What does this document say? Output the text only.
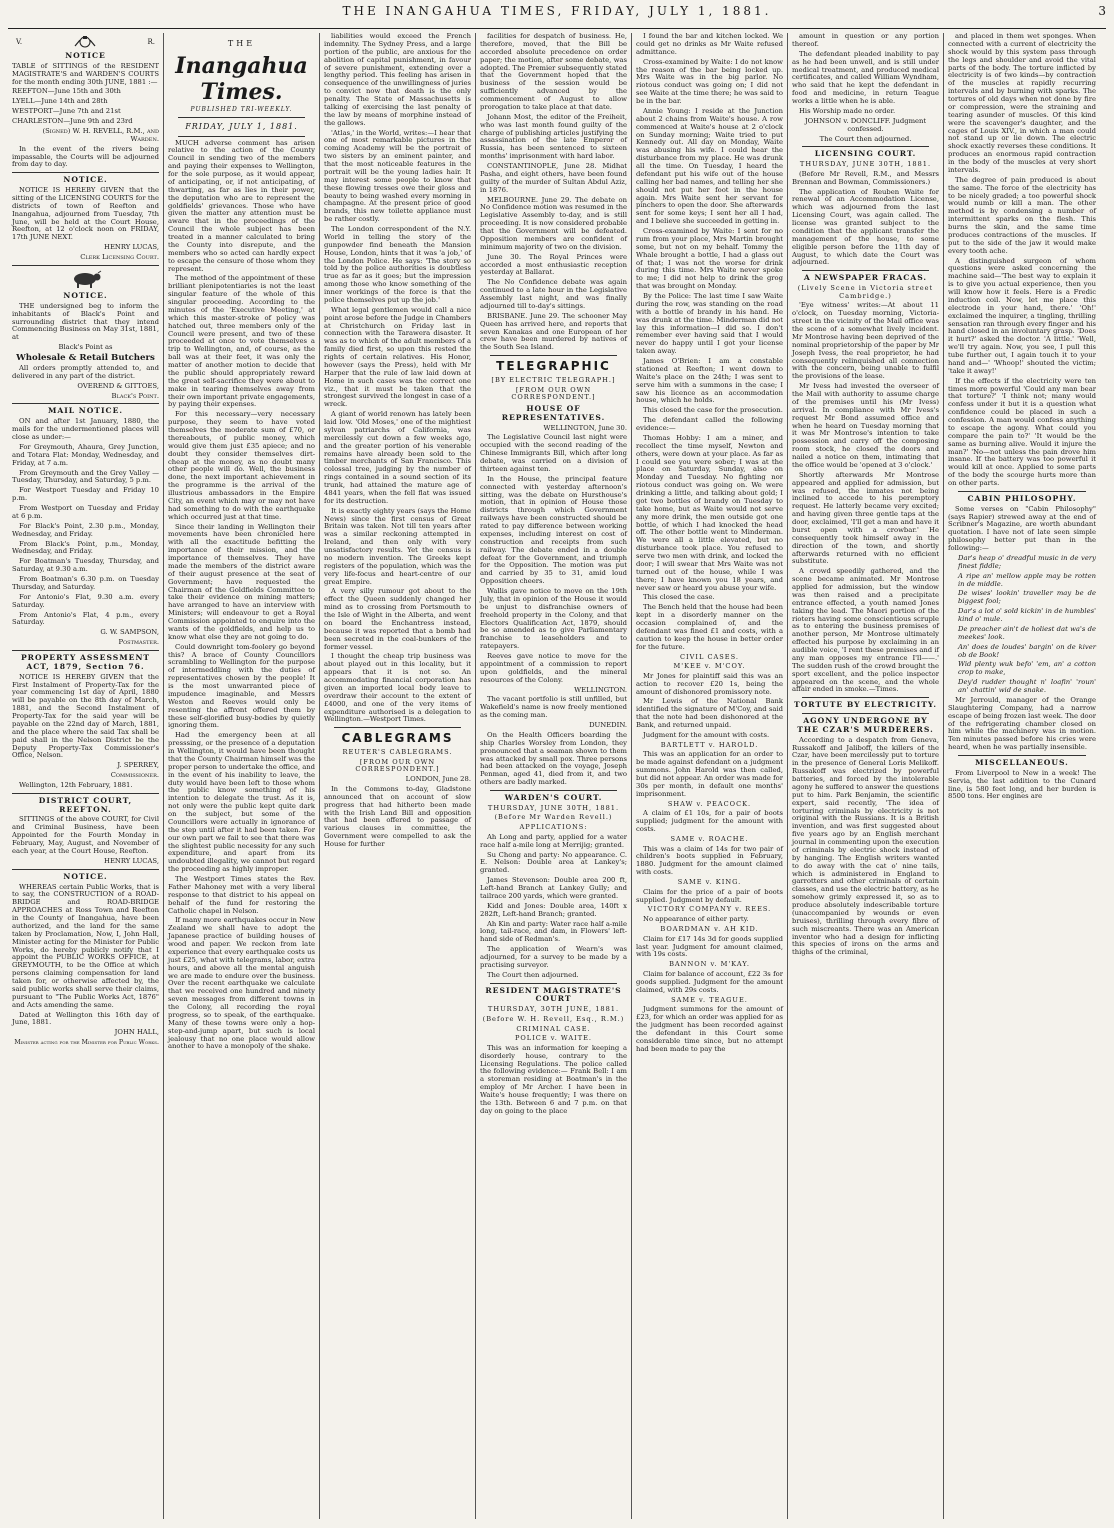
THE INANGAHUA TIMES, FRIDAY, JULY 1, 1881.	3
V.	R.
NOTICE

TABLE of SITTINGS of the RESIDENT MAGISTRATE'S and WARDEN'S COURTS for the month ending 30th JUNE, 1881 :—

REEFTON—June 15th and 30th

LYELL—June 14th and 28th

WESTPORT—June 7th and 21st

CHARLESTON—June 9th and 23rd

(Signed) W. H. REVELL, R.M., and Warden.

In the event of the rivers being impassable, the Courts will be adjourned from day to day.

NOTICE.

NOTICE IS HEREBY GIVEN that the sitting of the LICENSING COURTS for the districts of town of Reefton and Inangahua, adjourned from Tuesday, 7th June, will be held at the Court House, Reefton, at 12 o'clock noon on FRIDAY, 17th JUNE NEXT.

HENRY LUCAS,

Clerk Licensing Court.

NOTICE.

THE undersigned beg to inform the inhabitants of Black's Point and surrounding district that they intend Commencing Business on May 31st, 1881, at

Black's Point as

Wholesale & Retail Butchers

All orders promptly attended to, and delivered in any part of the district.

OVEREND & GITTOES,

Black's Point.

MAIL NOTICE.

ON and after 1st January, 1880, the mails for the undermentioned places will close as under:—

For Greymouth, Ahaura, Grey Junction, and Totara Flat: Monday, Wednesday, and Friday, at 7 a.m.

From Greymouth and the Grey Valley —Tuesday, Thursday, and Saturday, 5 p.m.

For Westport Tuesday and Friday 10 p.m.

From Westport on Tuesday and Friday at 6 p.m.

For Black's Point, 2.30 p.m., Monday, Wednesday, and Friday.

From Black's Point, p.m., Monday, Wednesday, and Friday.

For Boatman's Tuesday, Thursday, and Saturday, at 9.30 a.m.

From Boatman's 6.30 p.m. on Tuesday Thursday, and Saturday.

For Antonio's Flat, 9.30 a.m. every Saturday.

From Antonio's Flat, 4 p.m., every Saturday.

G. W. SAMPSON,

Postmaster.

PROPERTY ASSESSMENT ACT, 1879, Section 76.

NOTICE IS HEREBY GIVEN that the First Instalment of Property-Tax for the year commencing 1st day of April, 1880 will be payable on the 8th day of March, 1881, and the Second Instalment of Property-Tax for the said year will be payable on the 22nd day of March, 1881, and the place where the said Tax shall be paid shall in the Nelson District be the Deputy Property-Tax Commissioner's Office, Nelson.

J. SPERREY,

Commissioner.

Wellington, 12th February, 1881.

DISTRICT COURT, REEFTON.

SITTINGS of the above COURT, for Civil and Criminal Business, have been Appointed for the Fourth Monday in February, May, August, and November of each year, at the Court House, Reefton.

HENRY LUCAS,

NOTICE.

WHEREAS certain Public Works, that is to say, the CONSTRUCTION of a ROAD-BRIDGE and ROAD-BRIDGE APPROACHES at Ross Town and Reefton in the County of Inangahua, have been authorized, and the land for the same taken by Proclamation, Now, I, John Hall, Minister acting for the Minister for Public Works, do hereby publicly notify that I appoint the PUBLIC WORKS OFFICE, at GREYMOUTH, to be the Office at which persons claiming compensation for land taken for, or otherwise affected by, the said public works shall serve their claims, pursuant to "The Public Works Act, 1876" and Acts amending the same.

Dated at Wellington this 16th day of June, 1881.

JOHN HALL,

Minister acting for the Minister for Public Works.

THE
Inangahua Times.
PUBLISHED TRI-WEEKLY.
FRIDAY, JULY 1, 1881.

MUCH adverse comment has arisen relative to the action of the County Council in sending two of the members and paying their expenses to Wellington, for the sole purpose, as it would appear, of anticipating, or, if not anticipating, of thwarting, as far as lies in their power, the deputation who are to represent the goldfields' grievances. Those who have given the matter any attention must be aware that in the proceedings of the Council the whole subject has been treated in a manner calculated to bring the County into disrepute, and the members who so acted can hardly expect to escape the censure of those whom they represent.

The method of the appointment of these brilliant plenipotentiaries is not the least singular feature of the whole of this singular proceeding. According to the minutes of the 'Executive Meeting,' at which this master-stroke of policy was hatched out, three members only of the Council were present, and two of these proceeded at once to vote themselves a trip to Wellington, and, of course, as the ball was at their feet, it was only the matter of another motion to decide that the public should appropriately reward the great self-sacrifice they were about to make in tearing themselves away from their own important private engagements, by paying their expenses.

For this necessary—very necessary purpose, they seem to have voted themselves the moderate sum of £70, or thereabouts, of public money, which would give them just £35 apiece; and no doubt they consider themselves dirt-cheap at the money, as no doubt many other people will do. Well, the business done, the next important achievement in the programme is the arrival of the illustrious ambassadors in the Empire City, an event which may or may not have had something to do with the earthquake which occurred just at that time.

Since their landing in Wellington their movements have been chronicled here with all the exactitude befitting the importance of their mission, and the importance of themselves. They have made the members of the district aware of their august presence at the seat of Government; have requested the Chairman of the Goldfields Committee to take their evidence on mining matters; have arranged to have an interview with Ministers; will endeavour to get a Royal Commission appointed to enquire into the wants of the goldfields, and help us to know what else they are not going to do.

Could downright tom-foolery go beyond this? A brace of County Councillors scrambling to Wellington for the purpose of intermeddling with the duties of representatives chosen by the people! It is the most unwarranted piece of impudence imaginable, and Messrs Weston and Reeves would only be resenting the affront offered them by these self-glorified busy-bodies by quietly ignoring them.

Had the emergency been at all presssing, or the presence of a deputation in Wellington, it would have been thought that the County Chairman himself was the proper person to undertake the office, and in the event of his inability to leave, the duty would have been left to those whom the public know something of his intention to delegate the trust. As it is, not only were the public kept quite dark on the subject, but some of the Councillors were actually in ignorance of the step until after it had been taken. For our own part we fail to see that there was the slightest public necessity for any such expenditure, and apart from its undoubted illegality, we cannot but regard the proceeding as highly improper.

The Westport Times states the Rev. Father Mahoney met with a very liberal response to that district to his appeal on behalf of the fund for restoring the Catholic chapel in Nelson.

If many more earthquakes occur in New Zealand we shall have to adopt the Japanese practice of building houses of wood and paper. We reckon from late experience that every earthquake costs us just £25, what with telegrams, labor, extra hours, and above all the mental anguish we are made to endure over the business. Over the recent earthquake we calculate that we received one hundred and ninety seven messages from different towns in the Colony, all recording the royal progress, so to speak, of the earthquake. Many of these towns were only a hop-step-and-jump apart, but such is local jealousy that no one place would allow another to have a monopoly of the shake.

liabilities would exceed the French indemnity. The Sydney Press, and a large portion of the public, are anxious for the abolition of capital punishment, in favour of severe punishment, extending over a lengthy period. This feeling has arisen in consequence of the unwillingness of juries to convict now that death is the only penalty. The State of Massachusetts is talking of exercising the last penalty of the law by means of morphine instead of the gallows.

'Atlas,' in the World, writes:—I hear that one of most remarkable pictures in the coming Academy will be the portrait of two sisters by an eminent painter, and that the most noticeable features in the portrait will be the young ladies hair. It may interest some people to know that these flowing tresses owe their gloss and beauty to being washed every morning in champagne. At the present price of good brands, this new toilette appliance must be rather costly.

The London correspondent of the N.Y. World in telling the story of the gunpowder find beneath the Mansion House, London, hints that it was 'a job,' of the London Police. He says: 'The story so told by the police authorities is doubtless true as far as it goes; but the impression among those who know something of the inner workings of the force is that the police themselves put up the job.'

What legal gentlemen would call a nice point arose before the Judge in Chambers at Christchurch on Friday last in connection with the Tarawera disaster. It was as to which of the adult members of a family died first, so upon this rested the rights of certain relatives. His Honor, however (says the Press), held with Mr Harper that the rule of law laid down at Home in such cases was the correct one viz., that it must be taken that the strongest survived the longest in case of a wreck.

A giant of world renown has lately been laid low. 'Old Moses,' one of the mightiest sylvan patriarchs of California, was mercilessly cut down a few weeks ago, and the greater portion of his venerable remains have already been sold to the timber merchants of San Francisco. This colossal tree, judging by the number of rings contained in a sound section of its trunk, had attained the mature age of 4841 years, when the fell flat was issued for its destruction.

It is exactly eighty years (says the Home News) since the first census of Great Britain was taken. Not till ten years after was a similar reckoning attempted in Ireland, and then only with very unsatisfactory results. Yet the census is no modern invention. The Greeks kept registers of the population, which was the very life-focus and heart-centre of our great Empire.

A very silly rumour got about to the effect the Queen suddenly changed her mind as to crossing from Portsmouth to the Isle of Wight in the Alberta, and went on board the Enchantress instead, because it was reported that a bomb had been secreted in the coal-bunkers of the former vessel.

I thought the cheap trip business was about played out in this locality, but it appears that it is not so. An accommodating financial corporation has given an imported local body leave to overdraw their account to the extent of £4000, and one of the very items of expenditure authorised is a delegation to Wellington.—Westport Times.

CABLEGRAMS
REUTER'S CABLEGRAMS.
[FROM OUR OWN CORRESPONDENT.]

LONDON, June 28.

In the Commons to-day, Gladstone announced that on account of slow progress that had hitherto been made with the Irish Land Bill and opposition that had been offered to passage of various clauses in committee, the Government were compelled to ask the House for further

facilities for despatch of business. He, therefore, moved, that the Bill be accorded absolute precedence on order paper; the motion, after some debate, was adopted. The Premier subsequently stated that the Government hoped that the business of the session would be sufficiently advanced by the commencement of August to allow prorogation to take place at that date.

Johann Most, the editor of the Freiheit, who was last month found guilty of the charge of publishing articles justifying the assassination of the late Emperor of Russia, has been sentenced to sixteen months' imprisonment with hard labor.

CONSTANTINOPLE, June 28. Midhat Pasha, and eight others, have been found guilty of the murder of Sultan Abdul Aziz, in 1876.

MELBOURNE. June 29. The debate on No Confidence motion was resumed in the Legislative Assembly to-day, and is still proceeding. It is now considered probable that the Government will be defeated. Opposition members are confident of minimum majority of two on the division.

June 30. The Royal Princes were accorded a most enthusiastic reception yesterday at Ballarat.

The No Confidence debate was again continued to a late hour in the Legislative Assembly last night, and was finally adjourned till to-day's sittings.

BRISBANE. June 29. The schooner May Queen has arrived here, and reports that seven Kanakas and one European of her crew have been murdered by natives of the South Sea Island.

TELEGRAPHIC
[BY ELECTRIC TELEGRAPH.]
[FROM OUR OWN CORRESPONDENT.]
HOUSE OF REPRESENTATIVES.

WELLINGTON, June 30.

The Legislative Council last night were occupied with the second reading of the Chinese Immigrants Bill, which after long debate, was carried on a division of thirteen against ten.

In the House, the principal feature connected with yesterday afternoon's sitting, was the debate on Hursthouse's motion, that in opinion of House those districts through which Government railways have been constructed should be rated to pay difference between working expenses, including interest on cost of construction and receipts from such railway. The debate ended in a double defeat for the Government, and triumph for the Opposition. The motion was put and carried by 35 to 31, amid loud Opposition cheers.

Wallis gave notice to move on the 19th July, that in opinion of the House it would be unjust to disfranchise owners of freehold property in the Colony, and that Electors Qualification Act, 1879, should be so amended as to give Parliamentary franchise to leaseholders and to ratepayers.

Reeves gave notice to move for the appointment of a commission to report upon goldfields, and the mineral resources of the Colony.

WELLINGTON.

The vacant portfolio is still unfilled, but Wakefield's name is now freely mentioned as the coming man.

DUNEDIN.

On the Health Officers boarding the ship Charles Worsley from London, they pronounced that a seaman shown to them was attacked by small pox. Three persons had been attacked on the voyage, Joseph Penman, aged 41, died from it, and two others are badly marked.

WARDEN'S COURT.
THURSDAY, JUNE 30TH, 1881.
(Before Mr Warden Revell.)
APPLICATIONS:

Ah Long and party, applied for a water race half a-mile long at Merrijig; granted.

Su Chong and party: No appearance. C. E. Nelson: Double area at Lankey's; granted.

James Stevenson: Double area 200 ft, Left-hand Branch at Lankey Gully; and tailrace 200 yards, which were granted.

Kidd and Jones: Double area, 140ft x 282ft, Left-hand Branch; granted.

Ah Kin and party: Water race half a-mile long, tail-race, and dam, in Flowers' left-hand side of Redman's.

The application of Wearn's was adjourned, for a survey to be made by a practising surveyor.

The Court then adjourned.

RESIDENT MAGISTRATE'S COURT
THURSDAY, 30TH JUNE, 1881.
(Before W. H. Revell, Esq., R.M.)
CRIMINAL CASE.
POLICE v. WAITE.

This was an information for keeping a disorderly house, contrary to the Licensing Regulations. The police called the following evidence:— Frank Bell: I am a storeman residing at Boatman's in the employ of Mr Archer. I have been in Waite's house frequently; I was there on the 13th. Between 6 and 7 p.m. on that day on going to the place

I found the bar and kitchen locked. We could get no drinks as Mr Waite refused admittance.

Cross-examined by Waite: I do not know the reason of the bar being locked up. Mrs Waite was in the big parlor. No riotous conduct was going on; I did not see Waite at the time there; he was said to be in the bar.

Annie Young: I reside at the Junction about 2 chains from Waite's house. A row commenced at Waite's house at 2 o'clock on Sunday morning; Waite tried to put Kennedy out. All day on Monday, Waite was abusing his wife. I could hear the disturbance from my place. He was drunk all the time. On Tuesday, I heard the defendant put his wife out of the house calling her bad names, and telling her she should not put her foot in the house again. Mrs Waite sent her servant for pinchers to open the door. She afterwards sent for some keys; I sent her all I had, and I believe she succeeded in getting in.

Cross-examined by Waite: I sent for no rum from your place, Mrs Martin brought some, but not on my behalf. Tommy the Whale brought a bottle, I had a glass out of that; I was not the worse for drink during this time. Mrs Waite never spoke to me; I did not help to drink the grog that was brought on Monday.

By the Police: The last time I saw Waite during the row, was standing on the road with a bottle of brandy in his hand. He was drunk at the time. Minderman did not lay this information—I did so. I don't remember ever having said that I would never do happy until I got your license taken away.

James O'Brien: I am a constable stationed at Reefton; I went down to Waite's place on the 24th; I was sent to serve him with a summons in the case; I saw his licence as an accommodation house, which he holds.

This closed the case for the prosecution.

The defendant called the following evidence:—

Thomas Hobby: I am a miner, and recollect the time myself, Newton and others, were down at your place. As far as I could see you were sober; I was at the place on Saturday, Sunday, also on Monday and Tuesday. No fighting nor riotous conduct was going on. We were drinking a little, and talking about gold; I got two bottles of brandy on Tuesday to take home, but as Waite would not serve any more drink, the men outside got one bottle, of which I had knocked the head off. The other bottle went to Minderman. We were all a little elevated, but no disturbance took place. You refused to serve two men with drink, and locked the door; I will swear that Mrs Waite was not turned out of the house, while I was there; I have known you 18 years, and never saw or heard you abuse your wife.

This closed the case.

The Bench held that the house had been kept in a disorderly manner on the occasion complained of, and the defendant was fined £1 and costs, with a caution to keep the house in better order for the future.

CIVIL CASES.
M'KEE v. M'COY.

Mr Jones for plaintiff said this was an action to recover £20 1s, being the amount of dishonored promissory note.

Mr Lewis of the National Bank identified the signature of M'Coy, and said that the note had been dishonored at the Bank, and returned unpaid.

Judgment for the amount with costs.

BARTLETT v. HAROLD.

This was an application for an order to be made against defendant on a judgment summons. John Harold was then called, but did not appear. An order was made for 30s per month, in default one months' imprisonment.

SHAW v. PEACOCK.

A claim of £1 10s, for a pair of boots supplied; judgment for the amount with costs.

SAME v. ROACHE.

This was a claim of 14s for two pair of children's boots supplied in February, 1880. Judgment for the amount claimed with costs.

SAME v. KING.

Claim for the price of a pair of boots supplied. Judgment by default.

VICTORY COMPANY v. REES.

No appearance of either party.

BOARDMAN v. AH KID.

Claim for £17 14s 3d for goods supplied last year. Judgment for amount claimed, with 19s costs.

BANNON v. M'KAY.

Claim for balance of account, £22 3s for goods supplied. Judgment for the amount claimed, with 29s costs.

SAME v. TEAGUE.

Judgment summons for the amount of £23, for which an order was applied for as the judgment has been recorded against the defendant in this Court some considerable time since, but no attempt had been made to pay the

amount in question or any portion thereof.

The defendant pleaded inability to pay as he had been unwell, and is still under medical treatment, and produced medical certificates, and called William Wyndham, who said that he kept the defendant in food and medicine, in return Teague works a little when he is able.

His Worship made no order.

JOHNSON v. DONCLIFF. Judgment confessed.

The Court then adjourned.

LICENSING COURT.
THURSDAY, JUNE 30TH, 1881.

(Before Mr Revell, R.M., and Messrs Brennan and Bowman, Commissioners.)

The application of Reuben Waite for renewal of an Accommodation License, which was adjourned from the last Licensing Court, was again called. The license was granted subject to the condition that the applicant transfer the management of the house, to some eligible person before the 11th day of August, to which date the Court was adjourned.

A NEWSPAPER FRACAS.
(Lively Scene in Victoria street Cambridge.)

'Eye witness' writes:—At about 11 o'clock, on Tuesday morning, Victoria-street in the vicinity of the Mail office was the scene of a somewhat lively incident. Mr Montrose having been deprived of the nominal proprietorship of the paper by Mr Joseph Ivess, the real proprietor, he had consequently relinquished all connection with the concern, being unable to fulfil the provisions of the lease.

Mr Ivess had invested the overseer of the Mail with authority to assume charge of the premises until his (Mr Ivess) arrival. In compliance with Mr Ivess's request Mr Bond assumed office and when he heard on Tuesday morning that it was Mr Montrose's intention to take possession and carry off the composing room stock, he closed the doors and nailed a notice on them, intimating that the office would be 'opened at 3 o'clock.'

Shortly afterwards Mr Montrose appeared and applied for admission, but was refused, the inmates not being inclined to accede to his peremptory request. He latterly became very excited; and having given three gentle taps at the door, exclaimed, 'I'll get a man and have it burst open with a crowbar.' He consequently took himself away in the direction of the town, and shortly afterwards returned with no efficient substitute.

A crowd speedily gathered, and the scene became animated. Mr Montrose applied for admission, but the window was then raised and a precipitate entrance effected, a youth named Jones taking the lead. The Maori portion of the rioters having some conscientious scruple as to entering the business premises of another person, Mr Montrose ultimately effected his purpose by exclaiming in an audible voice, 'I rent these premises and if any man opposes my entrance I'll——.' The sudden rush of the crowd brought the sport excellent, and the police inspector appeared on the scene, and the whole affair ended in smoke.—Times.

TORTUTE BY ELECTRICITY.
AGONY UNDERGONE BY THE CZAR'S MURDERERS.

According to a despatch from Geneva, Russakoff and Jaliboff, the killers of the Czar, have been mercilessly put to torture in the presence of General Loris Melikoff. Russakoff was electrized by powerful batteries, and forced by the intolerable agony he suffered to answer the questions put to him. Park Benjamin, the scientific expert, said recently, 'The idea of torturing criminals by electricity is not original with the Russians. It is a British invention, and was first suggested about five years ago by an English merchant journal in commenting upon the execution of criminals by electric shock instead of by hanging. The English writers wanted to do away with the cat o' nine tails, which is administered in England to garrotters and other criminals of certain classes, and use the electric battery, as he somehow grimly expressed it, so as to produce absolutely indescribable torture (unaccompanied by wounds or even bruises), thrilling through every fibre of such miscreants. There was an American inventor who had a design for inflicting this species of irons on the arms and thighs of the criminal,

and placed in them wet sponges. When connected with a current of electricity the shock would by this system pass through the legs and shoulder and avoid the vital parts of the body. The torture inflicted by electricity is of two kinds—by contraction of the muscles at rapidly recurring intervals and by burning with sparks. The tortures of old days when not done by fire or compression, were the straining and tearing asunder of muscles. Of this kind were the scavenger's daughter, and the cages of Louis XIV., in which a man could not stand up or lie down. The electric shock exactly reverses these conditions. It produces an enormous rapid contraction in the body of the muscles at very short intervals.

The degree of pain produced is about the same. The force of the electricity has to be nicely graded; a too powerful shock would numb or kill a man. The other method is by condensing a number of intermittent sparks on the flesh. This burns the skin, and the same time produces contractions of the muscles. If put to the side of the jaw it would make every tooth ache.

A distinguished surgeon of whom questions were asked concerning the machine said—'The best way to explain it is to give you actual experience, then you will know how it feels. Here is a Fredic induction coil. Now, let me place this electrode in your hand, there.' 'Oh!' exclaimed the inquirer, a tingling, thrilling sensation ran through every finger and his hand closed in an involuntary grasp. 'Does it hurt?' asked the doctor. 'A little.' 'Well, we'll try again. Now, you see, I pull this tube further out, I again touch it to your hand and—' 'Whoop!' shouted the victim; 'take it away!'

If the effects if the electricity were ten times more powerful 'Could any man bear that torture?' 'I think not; many would confess under it but it is a question what confidence could be placed in such a confession. A man would confess anything to escape the agony. What could you compare the pain to?' 'It would be the same as burning alive. Would it injure the man?' 'No—not unless the pain drove him insane. If the battery was too powerful it would kill at once. Applied to some parts of the body the scourge hurts more than on other parts.

CABIN PHILOSOPHY.

Some verses on "Cabin Philosophy" (says Rapier) strewed away at the end of Scribner's Magazine, are worth abundant quotation. I have not of late seen simple philosophy better put than in the following:—

Dar's heap o' dreadful music in de very finest fiddle;

A ripe an' mellow apple may be rotten in de middle.

De wises' lookin' traveller may be de biggest fool;

Dar's a lot o' sold kickin' in de humbles' kind o' mule.

De preacher ain't de holiest dat wa's de meekes' look.

An' does de loudes' bargin' on de kiver ob de Book!

Wid plenty wuk befo' 'em, an' a cotton crop to make,

Dey'd rudder thought n' loafin' 'roun' an' chattin' wid de snake.

Mr Jerrould, manager of the Orange Slaughtering Company, had a narrow escape of being frozen last week. The door of the refrigerating chamber closed on him while the machinery was in motion. Ten minutes passed before his cries were heard, when he was partially insensible.

MISCELLANEOUS.

From Liverpool to New in a week! The Servia, the last addition to the Cunard line, is 580 feet long, and her burden is 8500 tons. Her engines are
